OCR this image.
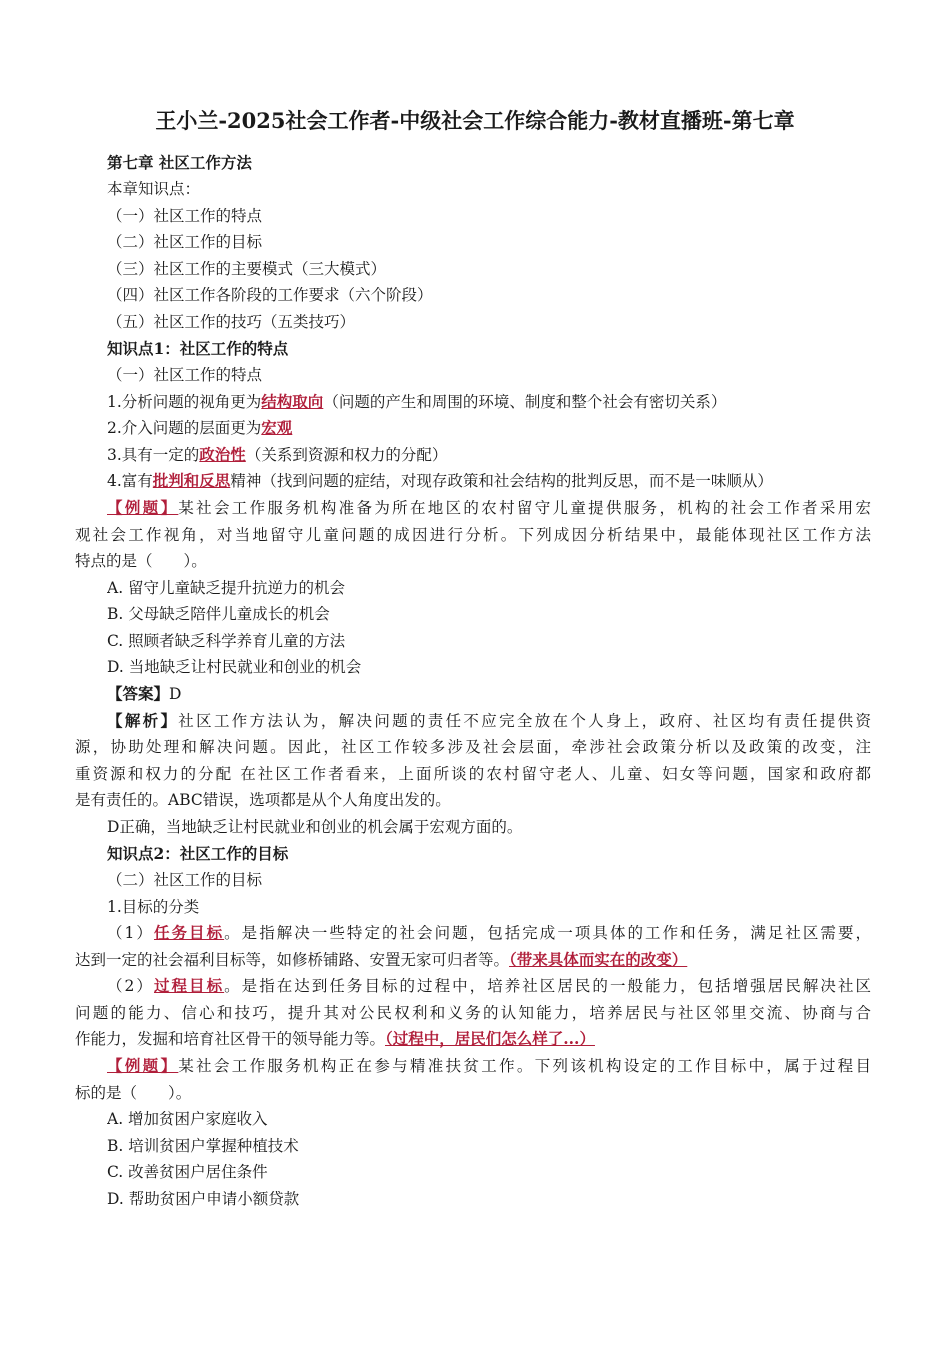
王小兰-2025社会工作者-中级社会工作综合能力-教材直播班-第七章
第七章 社区工作方法
本章知识点：
（一）社区工作的特点
（二）社区工作的目标
（三）社区工作的主要模式（三大模式）
（四）社区工作各阶段的工作要求（六个阶段）
（五）社区工作的技巧（五类技巧）
知识点1：社区工作的特点
（一）社区工作的特点
1.分析问题的视角更为结构取向（问题的产生和周围的环境、制度和整个社会有密切关系）
2.介入问题的层面更为宏观
3.具有一定的政治性（关系到资源和权力的分配）
4.富有批判和反思精神（找到问题的症结，对现存政策和社会结构的批判反思，而不是一味顺从）
【例题】某社会工作服务机构准备为所在地区的农村留守儿童提供服务，机构的社会工作者采用宏
观社会工作视角，对当地留守儿童问题的成因进行分析。下列成因分析结果中，最能体现社区工作方法
特点的是（　　）。
A. 留守儿童缺乏提升抗逆力的机会
B. 父母缺乏陪伴儿童成长的机会
C. 照顾者缺乏科学养育儿童的方法
D. 当地缺乏让村民就业和创业的机会
【答案】D
【解析】社区工作方法认为，解决问题的责任不应完全放在个人身上，政府、社区均有责任提供资
源，协助处理和解决问题。因此，社区工作较多涉及社会层面，牵涉社会政策分析以及政策的改变，注
重资源和权力的分配 在社区工作者看来，上面所谈的农村留守老人、儿童、妇女等问题，国家和政府都
是有责任的。ABC错误，选项都是从个人角度出发的。
D正确，当地缺乏让村民就业和创业的机会属于宏观方面的。
知识点2：社区工作的目标
（二）社区工作的目标
1.目标的分类
（1）任务目标。是指解决一些特定的社会问题，包括完成一项具体的工作和任务，满足社区需要，
达到一定的社会福利目标等，如修桥铺路、安置无家可归者等。（带来具体而实在的改变）
（2）过程目标。是指在达到任务目标的过程中，培养社区居民的一般能力，包括增强居民解决社区
问题的能力、信心和技巧，提升其对公民权利和义务的认知能力，培养居民与社区邻里交流、协商与合
作能力，发掘和培育社区骨干的领导能力等。（过程中，居民们怎么样了...）
【例题】某社会工作服务机构正在参与精准扶贫工作。下列该机构设定的工作目标中，属于过程目
标的是（　　）。
A. 增加贫困户家庭收入
B. 培训贫困户掌握种植技术
C. 改善贫困户居住条件
D. 帮助贫困户申请小额贷款
